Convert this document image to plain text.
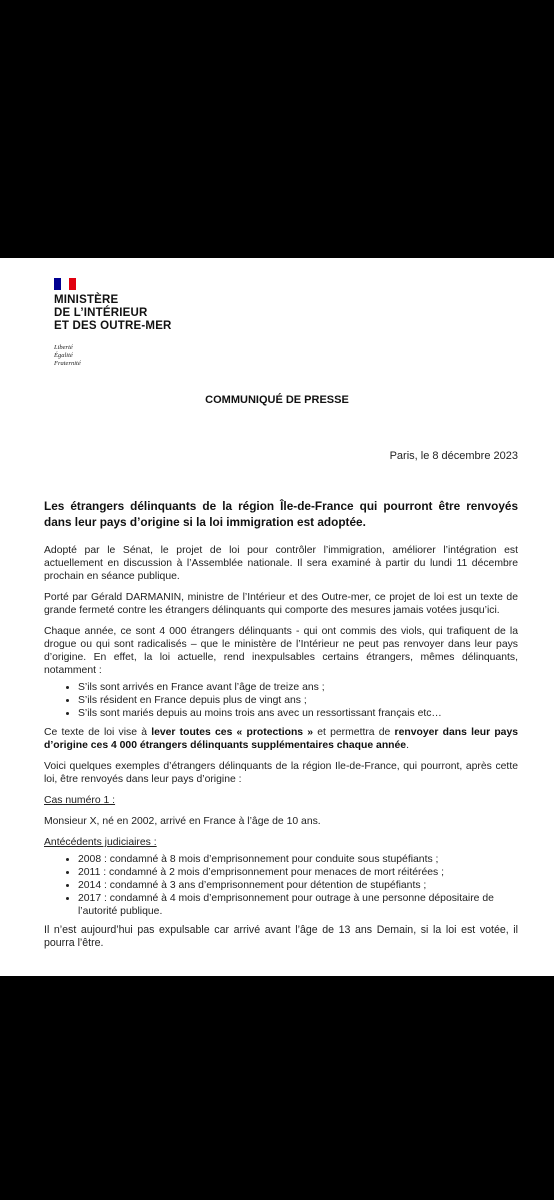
MINISTÈRE
DE L’INTÉRIEUR
ET DES OUTRE-MER
Liberté
Égalité
Fraternité
COMMUNIQUÉ DE PRESSE
Paris, le 8 décembre 2023
Les étrangers délinquants de la région Île-de-France qui pourront être renvoyés dans leur pays d’origine si la loi immigration est adoptée.

Adopté par le Sénat, le projet de loi pour contrôler l’immigration, améliorer l’intégration est actuellement en discussion à l’Assemblée nationale. Il sera examiné à partir du lundi 11 décembre prochain en séance publique.

Porté par Gérald DARMANIN, ministre de l’Intérieur et des Outre-mer, ce projet de loi est un texte de grande fermeté contre les étrangers délinquants qui comporte des mesures jamais votées jusqu’ici.

Chaque année, ce sont 4 000 étrangers délinquants - qui ont commis des viols, qui trafiquent de la drogue ou qui sont radicalisés – que le ministère de l’Intérieur ne peut pas renvoyer dans leur pays d’origine. En effet, la loi actuelle, rend inexpulsables certains étrangers, mêmes délinquants, notamment :

• S’ils sont arrivés en France avant l’âge de treize ans ;
• S’ils résident en France depuis plus de vingt ans ;
• S’ils sont mariés depuis au moins trois ans avec un ressortissant français etc…

Ce texte de loi vise à lever toutes ces « protections » et permettra de renvoyer dans leur pays d’origine ces 4 000 étrangers délinquants supplémentaires chaque année.

Voici quelques exemples d’étrangers délinquants de la région Ile-de-France, qui pourront, après cette loi, être renvoyés dans leur pays d’origine :

Cas numéro 1 :

Monsieur X, né en 2002, arrivé en France à l’âge de 10 ans.

Antécédents judiciaires :

• 2008 : condamné à 8 mois d’emprisonnement pour conduite sous stupéfiants ;
• 2011 : condamné à 2 mois d’emprisonnement pour menaces de mort réitérées ;
• 2014 : condamné à 3 ans d’emprisonnement pour détention de stupéfiants ;
• 2017 : condamné à 4 mois d’emprisonnement pour outrage à une personne dépositaire de l’autorité publique.

Il n’est aujourd’hui pas expulsable car arrivé avant l’âge de 13 ans Demain, si la loi est votée, il pourra l’être.
